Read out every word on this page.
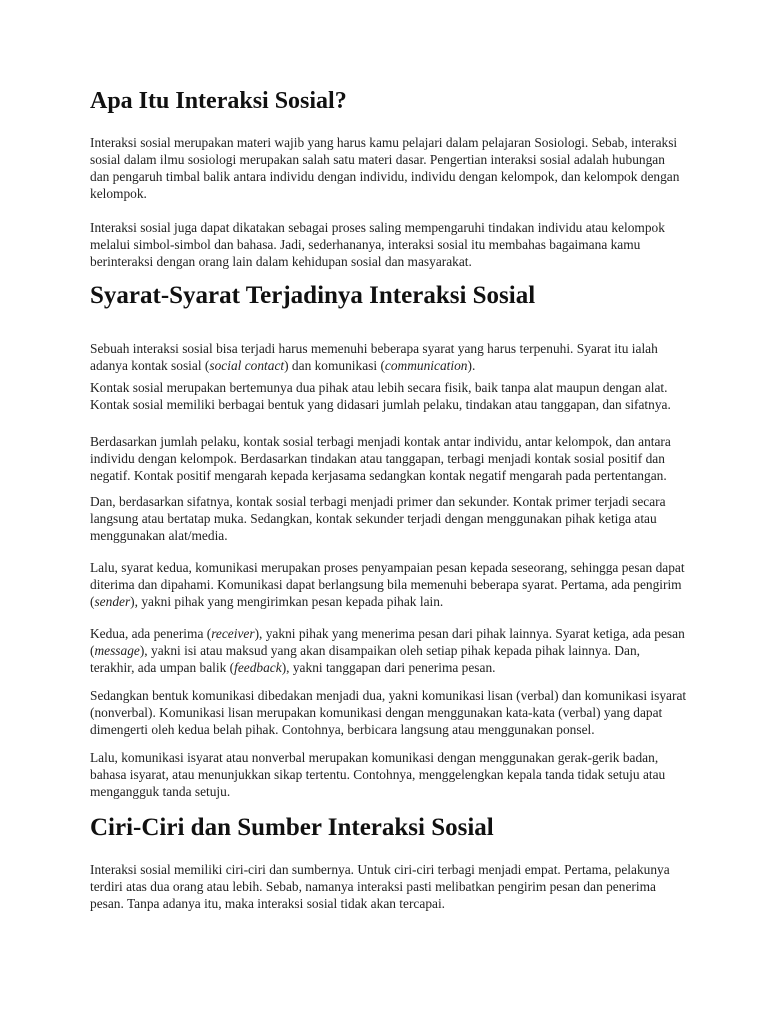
Apa Itu Interaksi Sosial?
Interaksi sosial merupakan materi wajib yang harus kamu pelajari dalam pelajaran Sosiologi. Sebab, interaksi
sosial dalam ilmu sosiologi merupakan salah satu materi dasar. Pengertian interaksi sosial adalah hubungan
dan pengaruh timbal balik antara individu dengan individu, individu dengan kelompok, dan kelompok dengan
kelompok.
Interaksi sosial juga dapat dikatakan sebagai proses saling mempengaruhi tindakan individu atau kelompok
melalui simbol-simbol dan bahasa. Jadi, sederhananya, interaksi sosial itu membahas bagaimana kamu
berinteraksi dengan orang lain dalam kehidupan sosial dan masyarakat.
Syarat-Syarat Terjadinya Interaksi Sosial
Sebuah interaksi sosial bisa terjadi harus memenuhi beberapa syarat yang harus terpenuhi. Syarat itu ialah
adanya kontak sosial (social contact) dan komunikasi (communication).
Kontak sosial merupakan bertemunya dua pihak atau lebih secara fisik, baik tanpa alat maupun dengan alat.
Kontak sosial memiliki berbagai bentuk yang didasari jumlah pelaku, tindakan atau tanggapan, dan sifatnya.
Berdasarkan jumlah pelaku, kontak sosial terbagi menjadi kontak antar individu, antar kelompok, dan antara
individu dengan kelompok. Berdasarkan tindakan atau tanggapan, terbagi menjadi kontak sosial positif dan
negatif. Kontak positif mengarah kepada kerjasama sedangkan kontak negatif mengarah pada pertentangan.
Dan, berdasarkan sifatnya, kontak sosial terbagi menjadi primer dan sekunder. Kontak primer terjadi secara
langsung atau bertatap muka. Sedangkan, kontak sekunder terjadi dengan menggunakan pihak ketiga atau
menggunakan alat/media.
Lalu, syarat kedua, komunikasi merupakan proses penyampaian pesan kepada seseorang, sehingga pesan dapat
diterima dan dipahami. Komunikasi dapat berlangsung bila memenuhi beberapa syarat. Pertama, ada pengirim
(sender), yakni pihak yang mengirimkan pesan kepada pihak lain.
Kedua, ada penerima (receiver), yakni pihak yang menerima pesan dari pihak lainnya. Syarat ketiga, ada pesan
(message), yakni isi atau maksud yang akan disampaikan oleh setiap pihak kepada pihak lainnya. Dan,
terakhir, ada umpan balik (feedback), yakni tanggapan dari penerima pesan.
Sedangkan bentuk komunikasi dibedakan menjadi dua, yakni komunikasi lisan (verbal) dan komunikasi isyarat
(nonverbal). Komunikasi lisan merupakan komunikasi dengan menggunakan kata-kata (verbal) yang dapat
dimengerti oleh kedua belah pihak. Contohnya, berbicara langsung atau menggunakan ponsel.
Lalu, komunikasi isyarat atau nonverbal merupakan komunikasi dengan menggunakan gerak-gerik badan,
bahasa isyarat, atau menunjukkan sikap tertentu. Contohnya, menggelengkan kepala tanda tidak setuju atau
mengangguk tanda setuju.
Ciri-Ciri dan Sumber Interaksi Sosial
Interaksi sosial memiliki ciri-ciri dan sumbernya. Untuk ciri-ciri terbagi menjadi empat. Pertama, pelakunya
terdiri atas dua orang atau lebih. Sebab, namanya interaksi pasti melibatkan pengirim pesan dan penerima
pesan. Tanpa adanya itu, maka interaksi sosial tidak akan tercapai.
